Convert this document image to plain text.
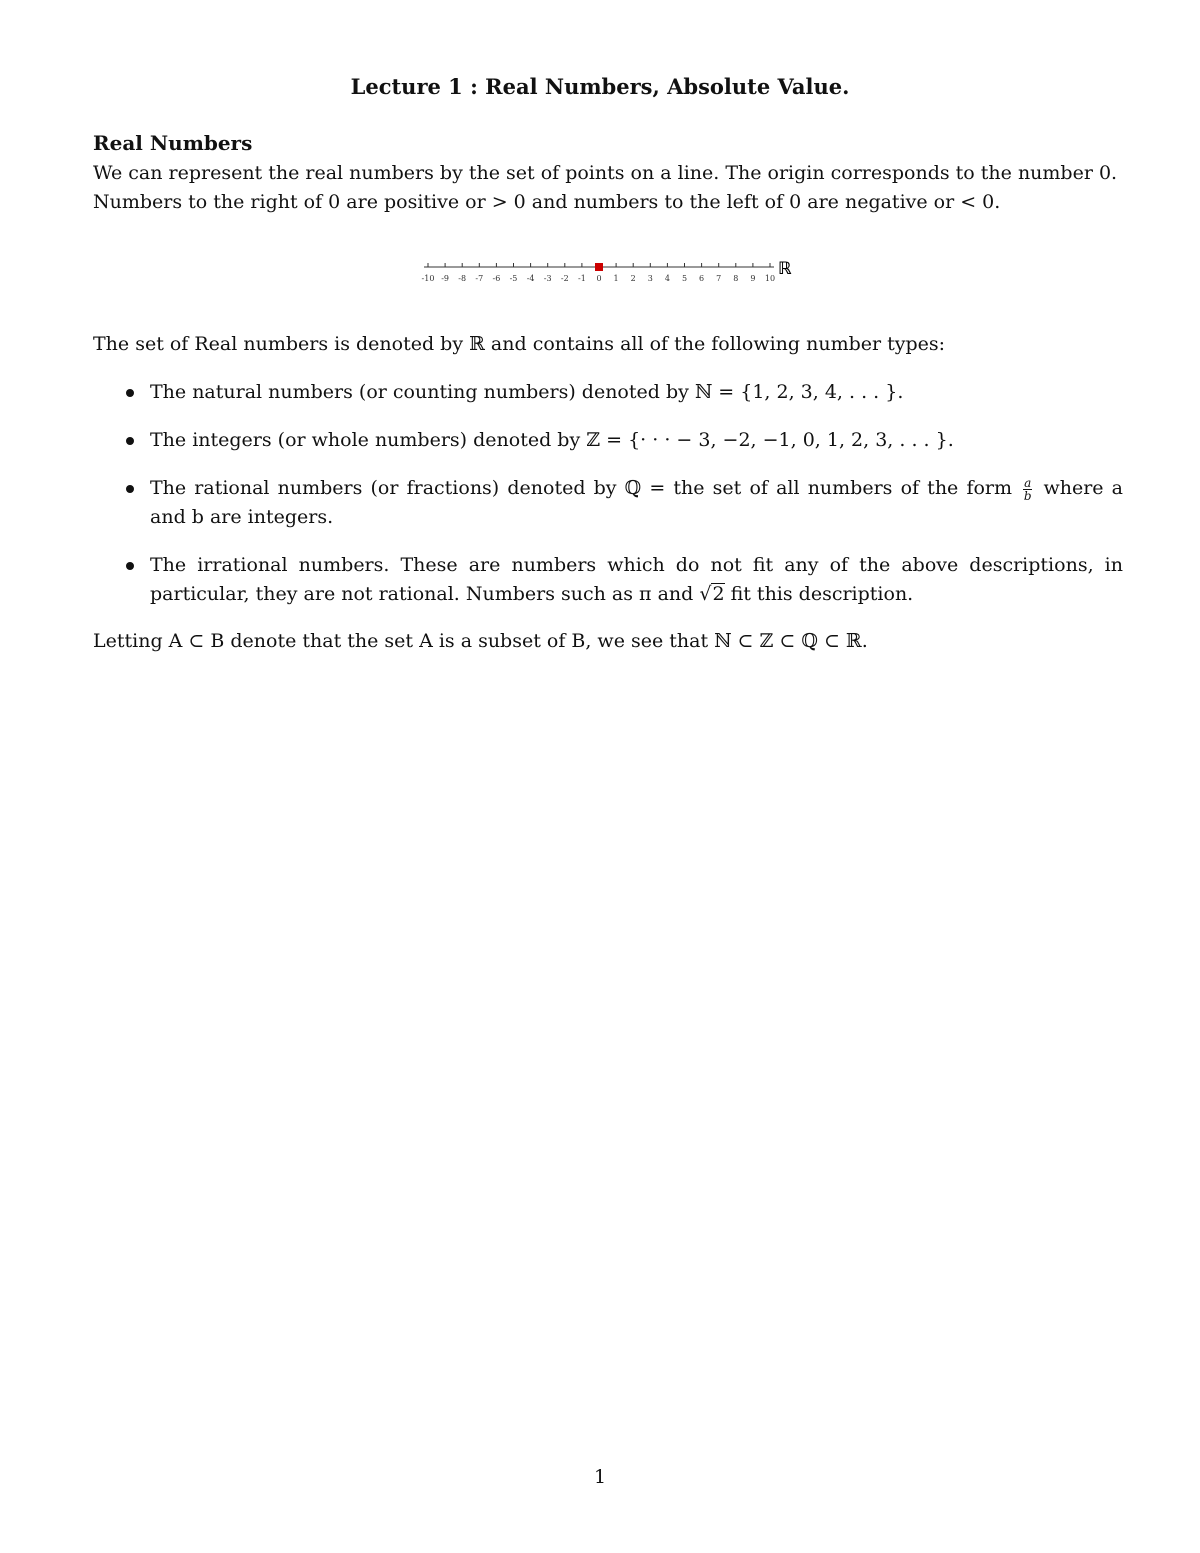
Lecture 1 : Real Numbers, Absolute Value.
Real Numbers
We can represent the real numbers by the set of points on a line. The origin corresponds to the number 0. Numbers to the right of 0 are positive or > 0 and numbers to the left of 0 are negative or < 0.
-10 -9 -8 -7 -6 -5 -4 -3 -2 -1 0 1 2 3 4 5 6 7 8 9 10 ℝ
The set of Real numbers is denoted by ℝ and contains all of the following number types:
The natural numbers (or counting numbers) denoted by ℕ = {1, 2, 3, 4, . . . }.
The integers (or whole numbers) denoted by ℤ = {· · · − 3, −2, −1, 0, 1, 2, 3, . . . }.
The rational numbers (or fractions) denoted by ℚ = the set of all numbers of the form $\frac{a}{b}$ where a and b are integers.
The irrational numbers. These are numbers which do not fit any of the above descriptions, in particular, they are not rational. Numbers such as π and √2 fit this description.
Letting A ⊂ B denote that the set A is a subset of B, we see that ℕ ⊂ ℤ ⊂ ℚ ⊂ ℝ.
1
